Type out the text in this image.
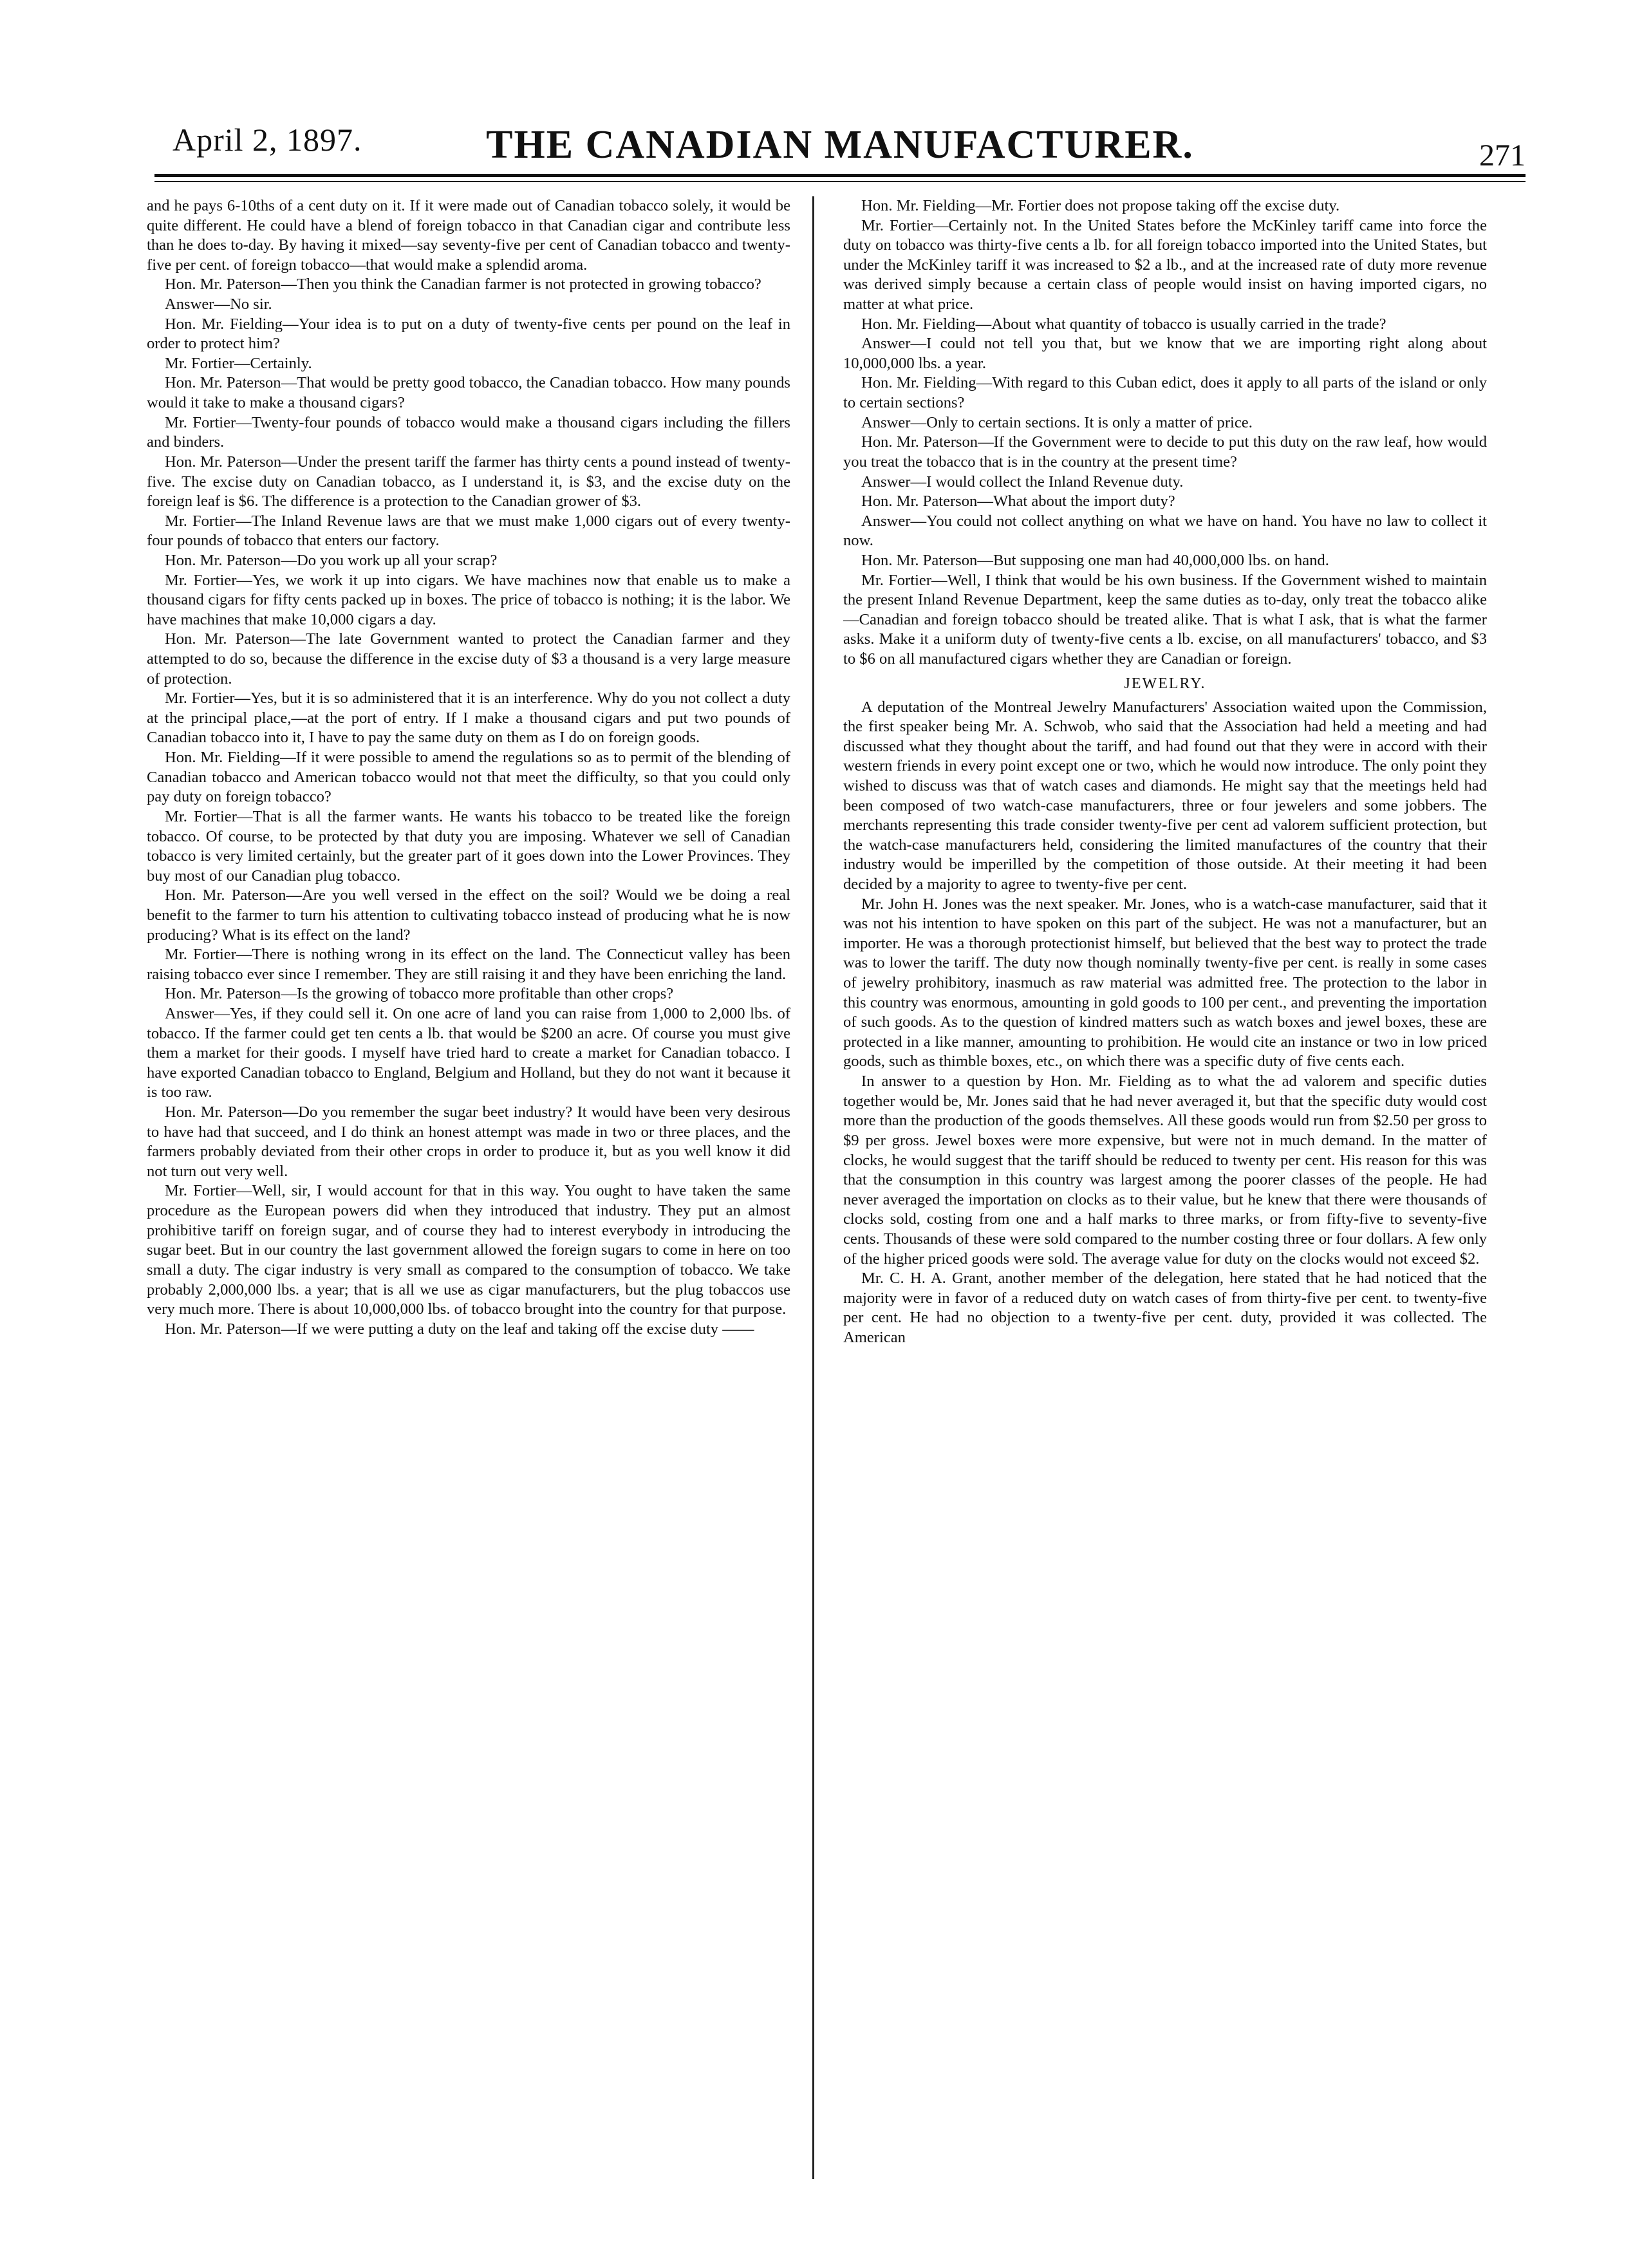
April 2, 1897.	THE CANADIAN MANUFACTURER.	271

and he pays 6-10ths of a cent duty on it. If it were made out of Canadian tobacco solely, it would be quite different. He could have a blend of foreign tobacco in that Canadian cigar and contribute less than he does to-day. By having it mixed—say seventy-five per cent of Canadian tobacco and twenty-five per cent. of foreign tobacco—that would make a splendid aroma.

Hon. Mr. Paterson—Then you think the Canadian farmer is not protected in growing tobacco?

Answer—No sir.

Hon. Mr. Fielding—Your idea is to put on a duty of twenty-five cents per pound on the leaf in order to protect him?

Mr. Fortier—Certainly.

Hon. Mr. Paterson—That would be pretty good tobacco, the Canadian tobacco. How many pounds would it take to make a thousand cigars?

Mr. Fortier—Twenty-four pounds of tobacco would make a thousand cigars including the fillers and binders.

Hon. Mr. Paterson—Under the present tariff the farmer has thirty cents a pound instead of twenty-five. The excise duty on Canadian tobacco, as I understand it, is $3, and the excise duty on the foreign leaf is $6. The difference is a protection to the Canadian grower of $3.

Mr. Fortier—The Inland Revenue laws are that we must make 1,000 cigars out of every twenty-four pounds of tobacco that enters our factory.

Hon. Mr. Paterson—Do you work up all your scrap?

Mr. Fortier—Yes, we work it up into cigars. We have machines now that enable us to make a thousand cigars for fifty cents packed up in boxes. The price of tobacco is nothing; it is the labor. We have machines that make 10,000 cigars a day.

Hon. Mr. Paterson—The late Government wanted to protect the Canadian farmer and they attempted to do so, because the difference in the excise duty of $3 a thousand is a very large measure of protection.

Mr. Fortier—Yes, but it is so administered that it is an interference. Why do you not collect a duty at the principal place,—at the port of entry. If I make a thousand cigars and put two pounds of Canadian tobacco into it, I have to pay the same duty on them as I do on foreign goods.

Hon. Mr. Fielding—If it were possible to amend the regulations so as to permit of the blending of Canadian tobacco and American tobacco would not that meet the difficulty, so that you could only pay duty on foreign tobacco?

Mr. Fortier—That is all the farmer wants. He wants his tobacco to be treated like the foreign tobacco. Of course, to be protected by that duty you are imposing. Whatever we sell of Canadian tobacco is very limited certainly, but the greater part of it goes down into the Lower Provinces. They buy most of our Canadian plug tobacco.

Hon. Mr. Paterson—Are you well versed in the effect on the soil? Would we be doing a real benefit to the farmer to turn his attention to cultivating tobacco instead of producing what he is now producing? What is its effect on the land?

Mr. Fortier—There is nothing wrong in its effect on the land. The Connecticut valley has been raising tobacco ever since I remember. They are still raising it and they have been enriching the land.

Hon. Mr. Paterson—Is the growing of tobacco more profitable than other crops?

Answer—Yes, if they could sell it. On one acre of land you can raise from 1,000 to 2,000 lbs. of tobacco. If the farmer could get ten cents a lb. that would be $200 an acre. Of course you must give them a market for their goods. I myself have tried hard to create a market for Canadian tobacco. I have exported Canadian tobacco to England, Belgium and Holland, but they do not want it because it is too raw.

Hon. Mr. Paterson—Do you remember the sugar beet industry? It would have been very desirous to have had that succeed, and I do think an honest attempt was made in two or three places, and the farmers probably deviated from their other crops in order to produce it, but as you well know it did not turn out very well.

Mr. Fortier—Well, sir, I would account for that in this way. You ought to have taken the same procedure as the European powers did when they introduced that industry. They put an almost prohibitive tariff on foreign sugar, and of course they had to interest everybody in introducing the sugar beet. But in our country the last government allowed the foreign sugars to come in here on too small a duty. The cigar industry is very small as compared to the consumption of tobacco. We take probably 2,000,000 lbs. a year; that is all we use as cigar manufacturers, but the plug tobaccos use very much more. There is about 10,000,000 lbs. of tobacco brought into the country for that purpose.

Hon. Mr. Paterson—If we were putting a duty on the leaf and taking off the excise duty ——

Hon. Mr. Fielding—Mr. Fortier does not propose taking off the excise duty.

Mr. Fortier—Certainly not. In the United States before the McKinley tariff came into force the duty on tobacco was thirty-five cents a lb. for all foreign tobacco imported into the United States, but under the McKinley tariff it was increased to $2 a lb., and at the increased rate of duty more revenue was derived simply because a certain class of people would insist on having imported cigars, no matter at what price.

Hon. Mr. Fielding—About what quantity of tobacco is usually carried in the trade?

Answer—I could not tell you that, but we know that we are importing right along about 10,000,000 lbs. a year.

Hon. Mr. Fielding—With regard to this Cuban edict, does it apply to all parts of the island or only to certain sections?

Answer—Only to certain sections. It is only a matter of price.

Hon. Mr. Paterson—If the Government were to decide to put this duty on the raw leaf, how would you treat the tobacco that is in the country at the present time?

Answer—I would collect the Inland Revenue duty.

Hon. Mr. Paterson—What about the import duty?

Answer—You could not collect anything on what we have on hand. You have no law to collect it now.

Hon. Mr. Paterson—But supposing one man had 40,000,000 lbs. on hand.

Mr. Fortier—Well, I think that would be his own business. If the Government wished to maintain the present Inland Revenue Department, keep the same duties as to-day, only treat the tobacco alike—Canadian and foreign tobacco should be treated alike. That is what I ask, that is what the farmer asks. Make it a uniform duty of twenty-five cents a lb. excise, on all manufacturers' tobacco, and $3 to $6 on all manufactured cigars whether they are Canadian or foreign.

JEWELRY.

A deputation of the Montreal Jewelry Manufacturers' Association waited upon the Commission, the first speaker being Mr. A. Schwob, who said that the Association had held a meeting and had discussed what they thought about the tariff, and had found out that they were in accord with their western friends in every point except one or two, which he would now introduce. The only point they wished to discuss was that of watch cases and diamonds. He might say that the meetings held had been composed of two watch-case manufacturers, three or four jewelers and some jobbers. The merchants representing this trade consider twenty-five per cent ad valorem sufficient protection, but the watch-case manufacturers held, considering the limited manufactures of the country that their industry would be imperilled by the competition of those outside. At their meeting it had been decided by a majority to agree to twenty-five per cent.

Mr. John H. Jones was the next speaker. Mr. Jones, who is a watch-case manufacturer, said that it was not his intention to have spoken on this part of the subject. He was not a manufacturer, but an importer. He was a thorough protectionist himself, but believed that the best way to protect the trade was to lower the tariff. The duty now though nominally twenty-five per cent. is really in some cases of jewelry prohibitory, inasmuch as raw material was admitted free. The protection to the labor in this country was enormous, amounting in gold goods to 100 per cent., and preventing the importation of such goods. As to the question of kindred matters such as watch boxes and jewel boxes, these are protected in a like manner, amounting to prohibition. He would cite an instance or two in low priced goods, such as thimble boxes, etc., on which there was a specific duty of five cents each.

In answer to a question by Hon. Mr. Fielding as to what the ad valorem and specific duties together would be, Mr. Jones said that he had never averaged it, but that the specific duty would cost more than the production of the goods themselves. All these goods would run from $2.50 per gross to $9 per gross. Jewel boxes were more expensive, but were not in much demand. In the matter of clocks, he would suggest that the tariff should be reduced to twenty per cent. His reason for this was that the consumption in this country was largest among the poorer classes of the people. He had never averaged the importation on clocks as to their value, but he knew that there were thousands of clocks sold, costing from one and a half marks to three marks, or from fifty-five to seventy-five cents. Thousands of these were sold compared to the number costing three or four dollars. A few only of the higher priced goods were sold. The average value for duty on the clocks would not exceed $2.

Mr. C. H. A. Grant, another member of the delegation, here stated that he had noticed that the majority were in favor of a reduced duty on watch cases of from thirty-five per cent. to twenty-five per cent. He had no objection to a twenty-five per cent. duty, provided it was collected. The American
